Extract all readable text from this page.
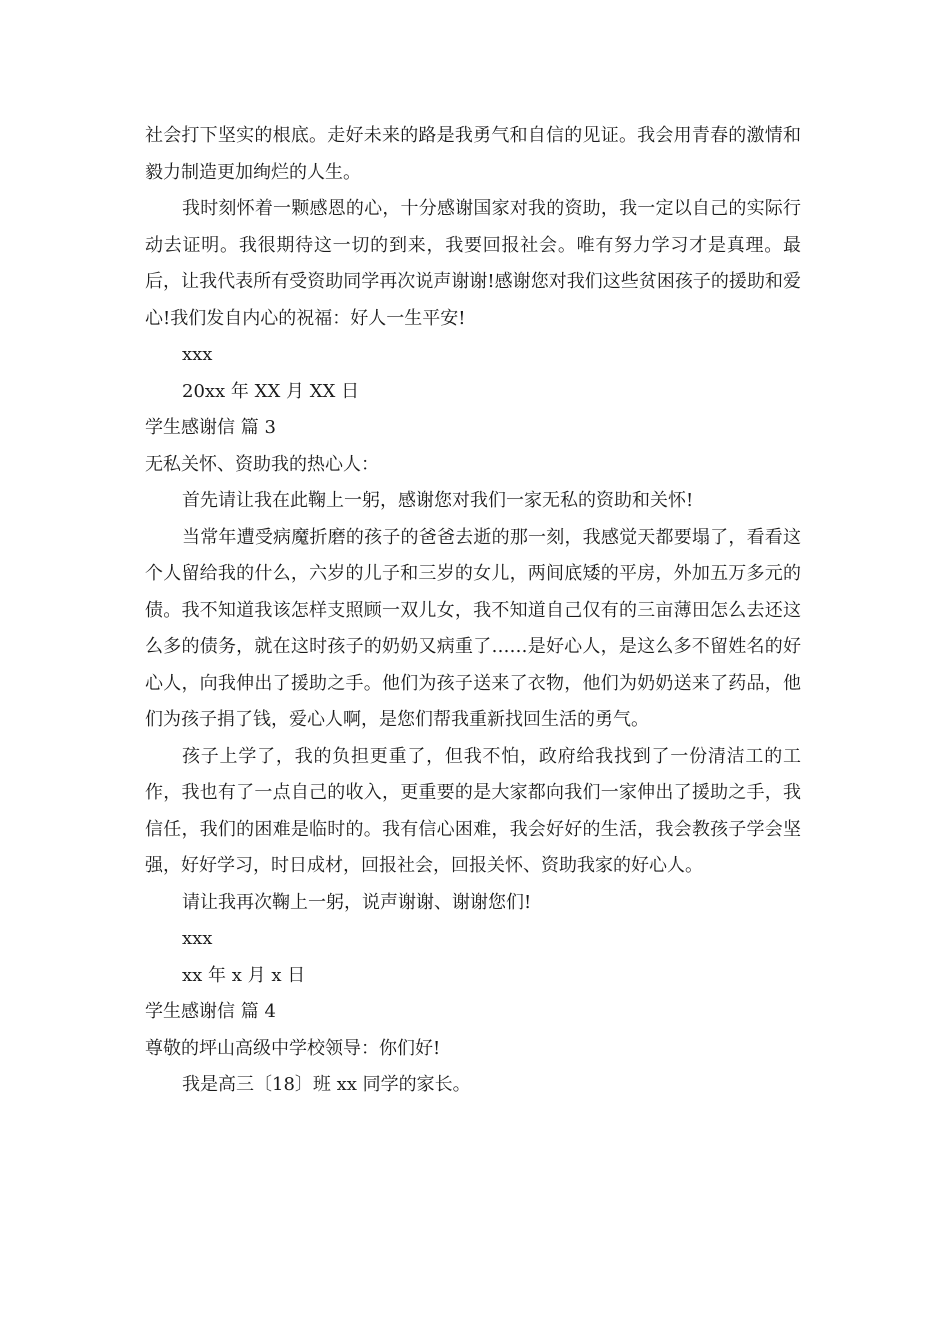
社会打下坚实的根底。走好未来的路是我勇气和自信的见证。我会用青春的激情和毅力制造更加绚烂的人生。

我时刻怀着一颗感恩的心，十分感谢国家对我的资助，我一定以自己的实际行动去证明。我很期待这一切的到来，我要回报社会。唯有努力学习才是真理。最后，让我代表所有受资助同学再次说声谢谢!感谢您对我们这些贫困孩子的援助和爱心!我们发自内心的祝福：好人一生平安!

xxx

20xx 年 XX 月 XX 日

学生感谢信 篇 3

无私关怀、资助我的热心人：

首先请让我在此鞠上一躬，感谢您对我们一家无私的资助和关怀!

当常年遭受病魔折磨的孩子的爸爸去逝的那一刻，我感觉天都要塌了，看看这个人留给我的什么，六岁的儿子和三岁的女儿，两间底矮的平房，外加五万多元的债。我不知道我该怎样支照顾一双儿女，我不知道自己仅有的三亩薄田怎么去还这么多的债务，就在这时孩子的奶奶又病重了……是好心人，是这么多不留姓名的好心人，向我伸出了援助之手。他们为孩子送来了衣物，他们为奶奶送来了药品，他们为孩子捐了钱，爱心人啊，是您们帮我重新找回生活的勇气。

孩子上学了，我的负担更重了，但我不怕，政府给我找到了一份清洁工的工作，我也有了一点自己的收入，更重要的是大家都向我们一家伸出了援助之手，我信任，我们的困难是临时的。我有信心困难，我会好好的生活，我会教孩子学会坚强，好好学习，时日成材，回报社会，回报关怀、资助我家的好心人。

请让我再次鞠上一躬，说声谢谢、谢谢您们!

xxx

xx 年 x 月 x 日

学生感谢信 篇 4

尊敬的坪山高级中学校领导：你们好!

我是高三〔18〕班 xx 同学的家长。
